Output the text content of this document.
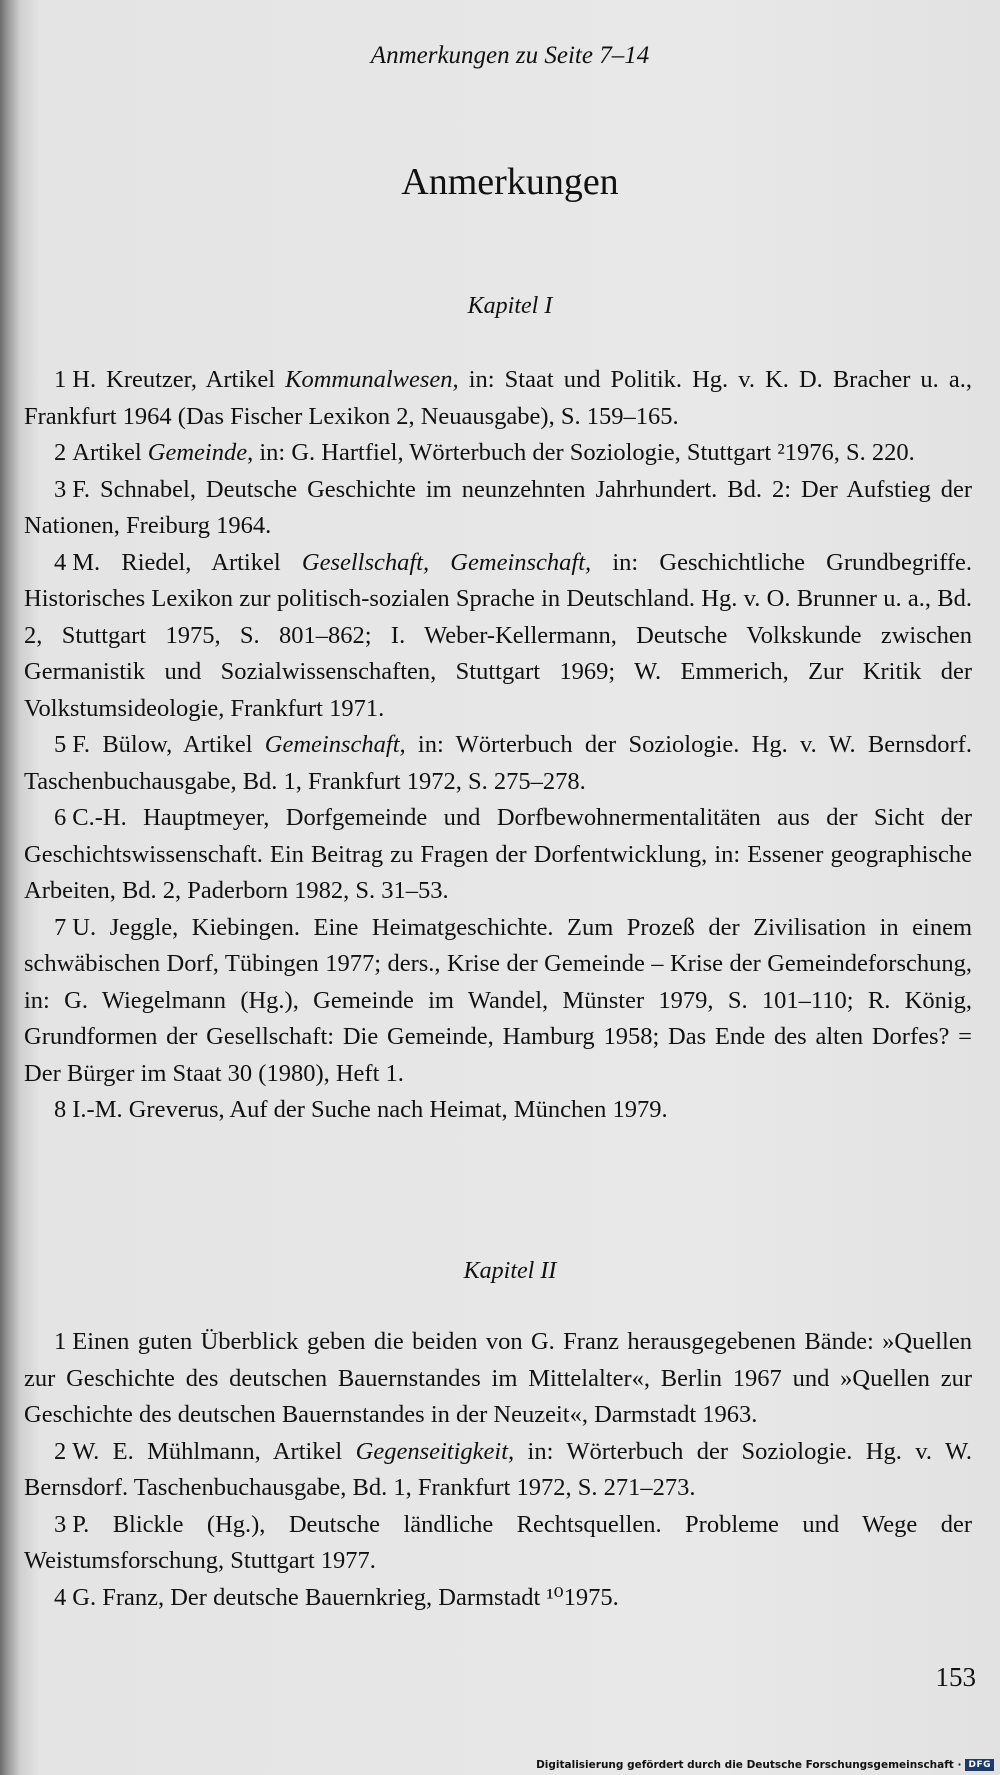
Anmerkungen zu Seite 7–14
Anmerkungen
Kapitel I

1 H. Kreutzer, Artikel Kommunalwesen, in: Staat und Politik. Hg. v. K. D. Bracher u. a., Frankfurt 1964 (Das Fischer Lexikon 2, Neuausgabe), S. 159–165.

2 Artikel Gemeinde, in: G. Hartfiel, Wörterbuch der Soziologie, Stuttgart ²1976, S. 220.

3 F. Schnabel, Deutsche Geschichte im neunzehnten Jahrhundert. Bd. 2: Der Aufstieg der Nationen, Freiburg 1964.

4 M. Riedel, Artikel Gesellschaft, Gemeinschaft, in: Geschichtliche Grundbegriffe. Historisches Lexikon zur politisch-sozialen Sprache in Deutschland. Hg. v. O. Brunner u. a., Bd. 2, Stuttgart 1975, S. 801–862; I. Weber-Kellermann, Deutsche Volkskunde zwischen Germanistik und Sozialwissenschaften, Stuttgart 1969; W. Emmerich, Zur Kritik der Volkstumsideologie, Frankfurt 1971.

5 F. Bülow, Artikel Gemeinschaft, in: Wörterbuch der Soziologie. Hg. v. W. Bernsdorf. Taschenbuchausgabe, Bd. 1, Frankfurt 1972, S. 275–278.

6 C.-H. Hauptmeyer, Dorfgemeinde und Dorfbewohnermentalitäten aus der Sicht der Geschichtswissenschaft. Ein Beitrag zu Fragen der Dorfentwicklung, in: Essener geographische Arbeiten, Bd. 2, Paderborn 1982, S. 31–53.

7 U. Jeggle, Kiebingen. Eine Heimatgeschichte. Zum Prozeß der Zivilisation in einem schwäbischen Dorf, Tübingen 1977; ders., Krise der Gemeinde – Krise der Gemeindeforschung, in: G. Wiegelmann (Hg.), Gemeinde im Wandel, Münster 1979, S. 101–110; R. König, Grundformen der Gesellschaft: Die Gemeinde, Hamburg 1958; Das Ende des alten Dorfes? = Der Bürger im Staat 30 (1980), Heft 1.

8 I.-M. Greverus, Auf der Suche nach Heimat, München 1979.

Kapitel II

1 Einen guten Überblick geben die beiden von G. Franz herausgegebenen Bände: »Quellen zur Geschichte des deutschen Bauernstandes im Mittelalter«, Berlin 1967 und »Quellen zur Geschichte des deutschen Bauernstandes in der Neuzeit«, Darmstadt 1963.

2 W. E. Mühlmann, Artikel Gegenseitigkeit, in: Wörterbuch der Soziologie. Hg. v. W. Bernsdorf. Taschenbuchausgabe, Bd. 1, Frankfurt 1972, S. 271–273.

3 P. Blickle (Hg.), Deutsche ländliche Rechtsquellen. Probleme und Wege der Weistumsforschung, Stuttgart 1977.

4 G. Franz, Der deutsche Bauernkrieg, Darmstadt ¹⁰1975.

153
Digitalisierung gefördert durch die Deutsche Forschungsgemeinschaft · DFG
